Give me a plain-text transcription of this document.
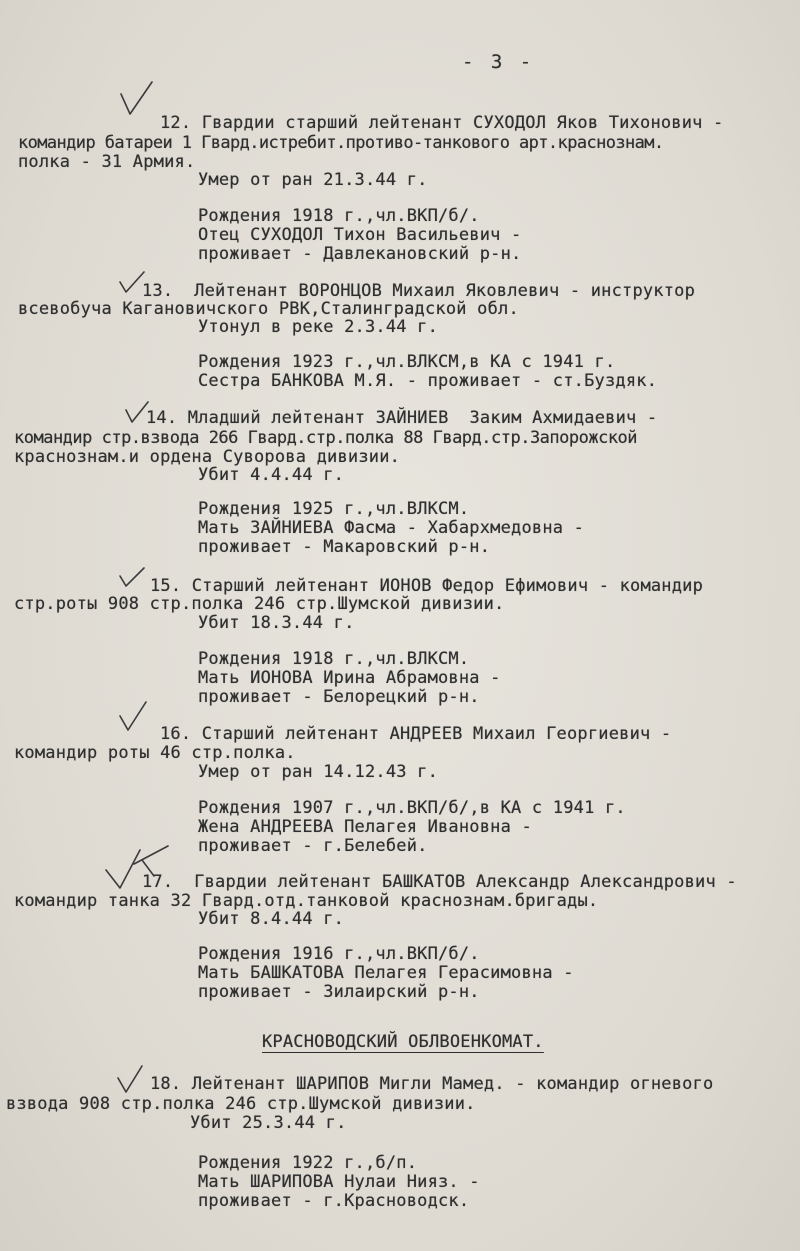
- 3 -
12. Гвардии старший лейтенант СУХОДОЛ Яков Тихонович -
командир батареи 1 Гвард.истребит.противо-танкового арт.краснознам.
полка - 31 Армия.
Умер от ран 21.3.44 г.
Рождения 1918 г.,чл.ВКП/б/.
Отец СУХОДОЛ Тихон Васильевич -
проживает - Давлекановский р-н.
13.  Лейтенант ВОРОНЦОВ Михаил Яковлевич - инструктор
всевобуча Кагановичского РВК,Сталинградской обл.
Утонул в реке 2.3.44 г.
Рождения 1923 г.,чл.ВЛКСМ,в КА с 1941 г.
Сестра БАНКОВА М.Я. - проживает - ст.Буздяк.
14. Младший лейтенант ЗАЙНИЕВ  Заким Ахмидаевич -
командир стр.взвода 266 Гвард.стр.полка 88 Гвард.стр.Запорожской
краснознам.и ордена Суворова дивизии.
Убит 4.4.44 г.
Рождения 1925 г.,чл.ВЛКСМ.
Мать ЗАЙНИЕВА Фасма - Хабархмедовна -
проживает - Макаровский р-н.
15. Старший лейтенант ИОНОВ Федор Ефимович - командир
стр.роты 908 стр.полка 246 стр.Шумской дивизии.
Убит 18.3.44 г.
Рождения 1918 г.,чл.ВЛКСМ.
Мать ИОНОВА Ирина Абрамовна -
проживает - Белорецкий р-н.
16. Старший лейтенант АНДРЕЕВ Михаил Георгиевич -
командир роты 46 стр.полка.
Умер от ран 14.12.43 г.
Рождения 1907 г.,чл.ВКП/б/,в КА с 1941 г.
Жена АНДРЕЕВА Пелагея Ивановна -
проживает - г.Белебей.
17.  Гвардии лейтенант БАШКАТОВ Александр Александрович -
командир танка 32 Гвард.отд.танковой краснознам.бригады.
Убит 8.4.44 г.
Рождения 1916 г.,чл.ВКП/б/.
Мать БАШКАТОВА Пелагея Герасимовна -
проживает - Зилаирский р-н.
КРАСНОВОДСКИЙ ОБЛВОЕНКОМАТ.
18. Лейтенант ШАРИПОВ Мигли Мамед. - командир огневого
взвода 908 стр.полка 246 стр.Шумской дивизии.
Убит 25.3.44 г.
Рождения 1922 г.,б/п.
Мать ШАРИПОВА Нулаи Нияз. -
проживает - г.Красноводск.
